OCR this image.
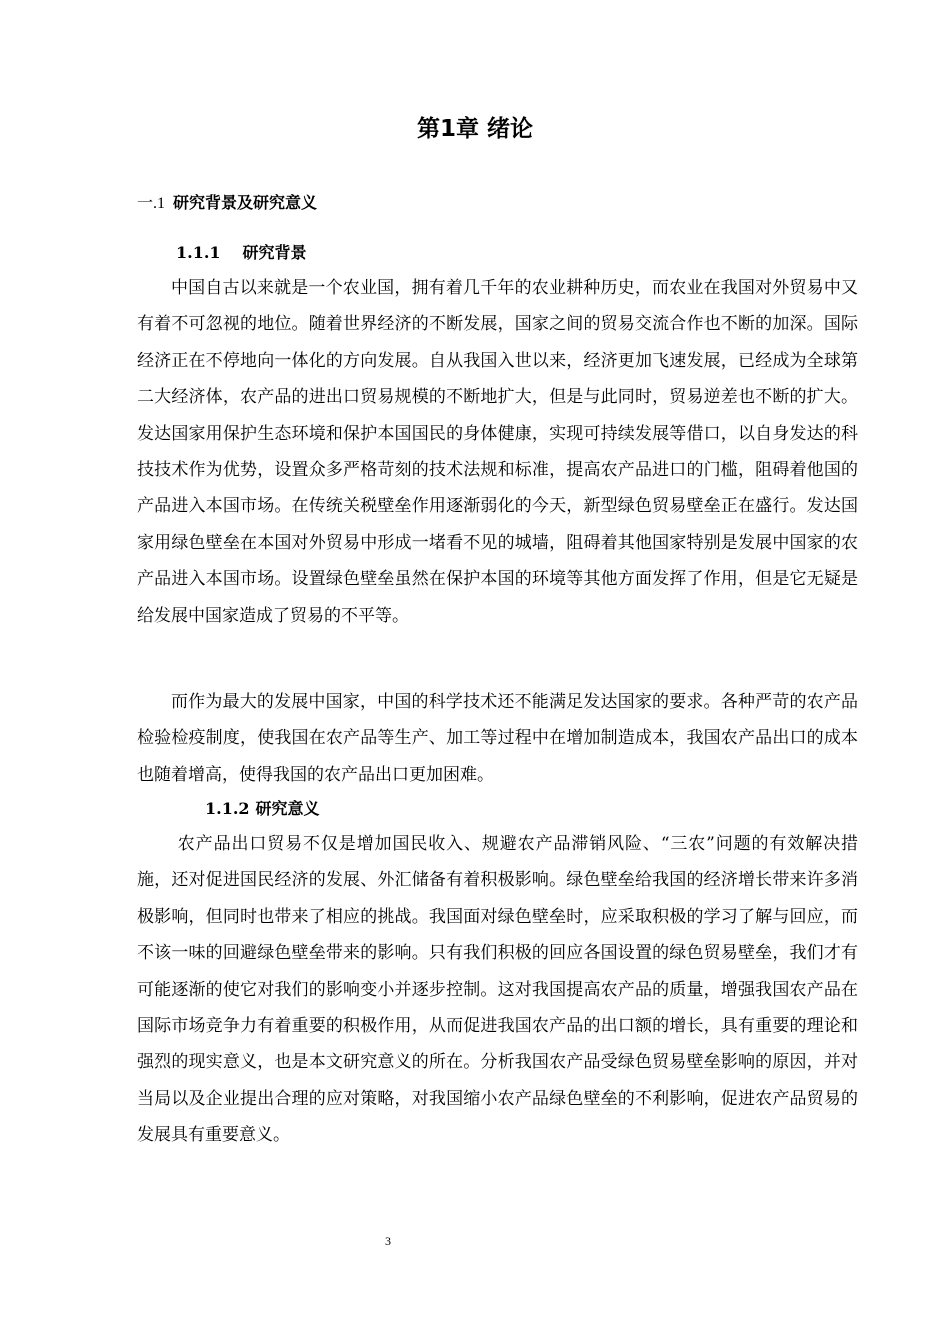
第1章 绪论
一.1 研究背景及研究意义
1.1.1 研究背景

中国自古以来就是一个农业国，拥有着几千年的农业耕种历史，而农业在我国对外贸易中又有着不可忽视的地位。随着世界经济的不断发展，国家之间的贸易交流合作也不断的加深。国际经济正在不停地向一体化的方向发展。自从我国入世以来，经济更加飞速发展，已经成为全球第二大经济体，农产品的进出口贸易规模的不断地扩大，但是与此同时，贸易逆差也不断的扩大。发达国家用保护生态环境和保护本国国民的身体健康，实现可持续发展等借口，以自身发达的科技技术作为优势，设置众多严格苛刻的技术法规和标准，提高农产品进口的门槛，阻碍着他国的产品进入本国市场。在传统关税壁垒作用逐渐弱化的今天，新型绿色贸易壁垒正在盛行。发达国家用绿色壁垒在本国对外贸易中形成一堵看不见的城墙，阻碍着其他国家特别是发展中国家的农产品进入本国市场。设置绿色壁垒虽然在保护本国的环境等其他方面发挥了作用，但是它无疑是给发展中国家造成了贸易的不平等。

而作为最大的发展中国家，中国的科学技术还不能满足发达国家的要求。各种严苛的农产品检验检疫制度，使我国在农产品等生产、加工等过程中在增加制造成本，我国农产品出口的成本也随着增高，使得我国的农产品出口更加困难。

1.1.2 研究意义

农产品出口贸易不仅是增加国民收入、规避农产品滞销风险、“三农”问题的有效解决措施，还对促进国民经济的发展、外汇储备有着积极影响。绿色壁垒给我国的经济增长带来许多消极影响，但同时也带来了相应的挑战。我国面对绿色壁垒时，应采取积极的学习了解与回应，而不该一味的回避绿色壁垒带来的影响。只有我们积极的回应各国设置的绿色贸易壁垒，我们才有可能逐渐的使它对我们的影响变小并逐步控制。这对我国提高农产品的质量，增强我国农产品在国际市场竞争力有着重要的积极作用，从而促进我国农产品的出口额的增长，具有重要的理论和强烈的现实意义，也是本文研究意义的所在。分析我国农产品受绿色贸易壁垒影响的原因，并对当局以及企业提出合理的应对策略，对我国缩小农产品绿色壁垒的不利影响，促进农产品贸易的发展具有重要意义。

3
